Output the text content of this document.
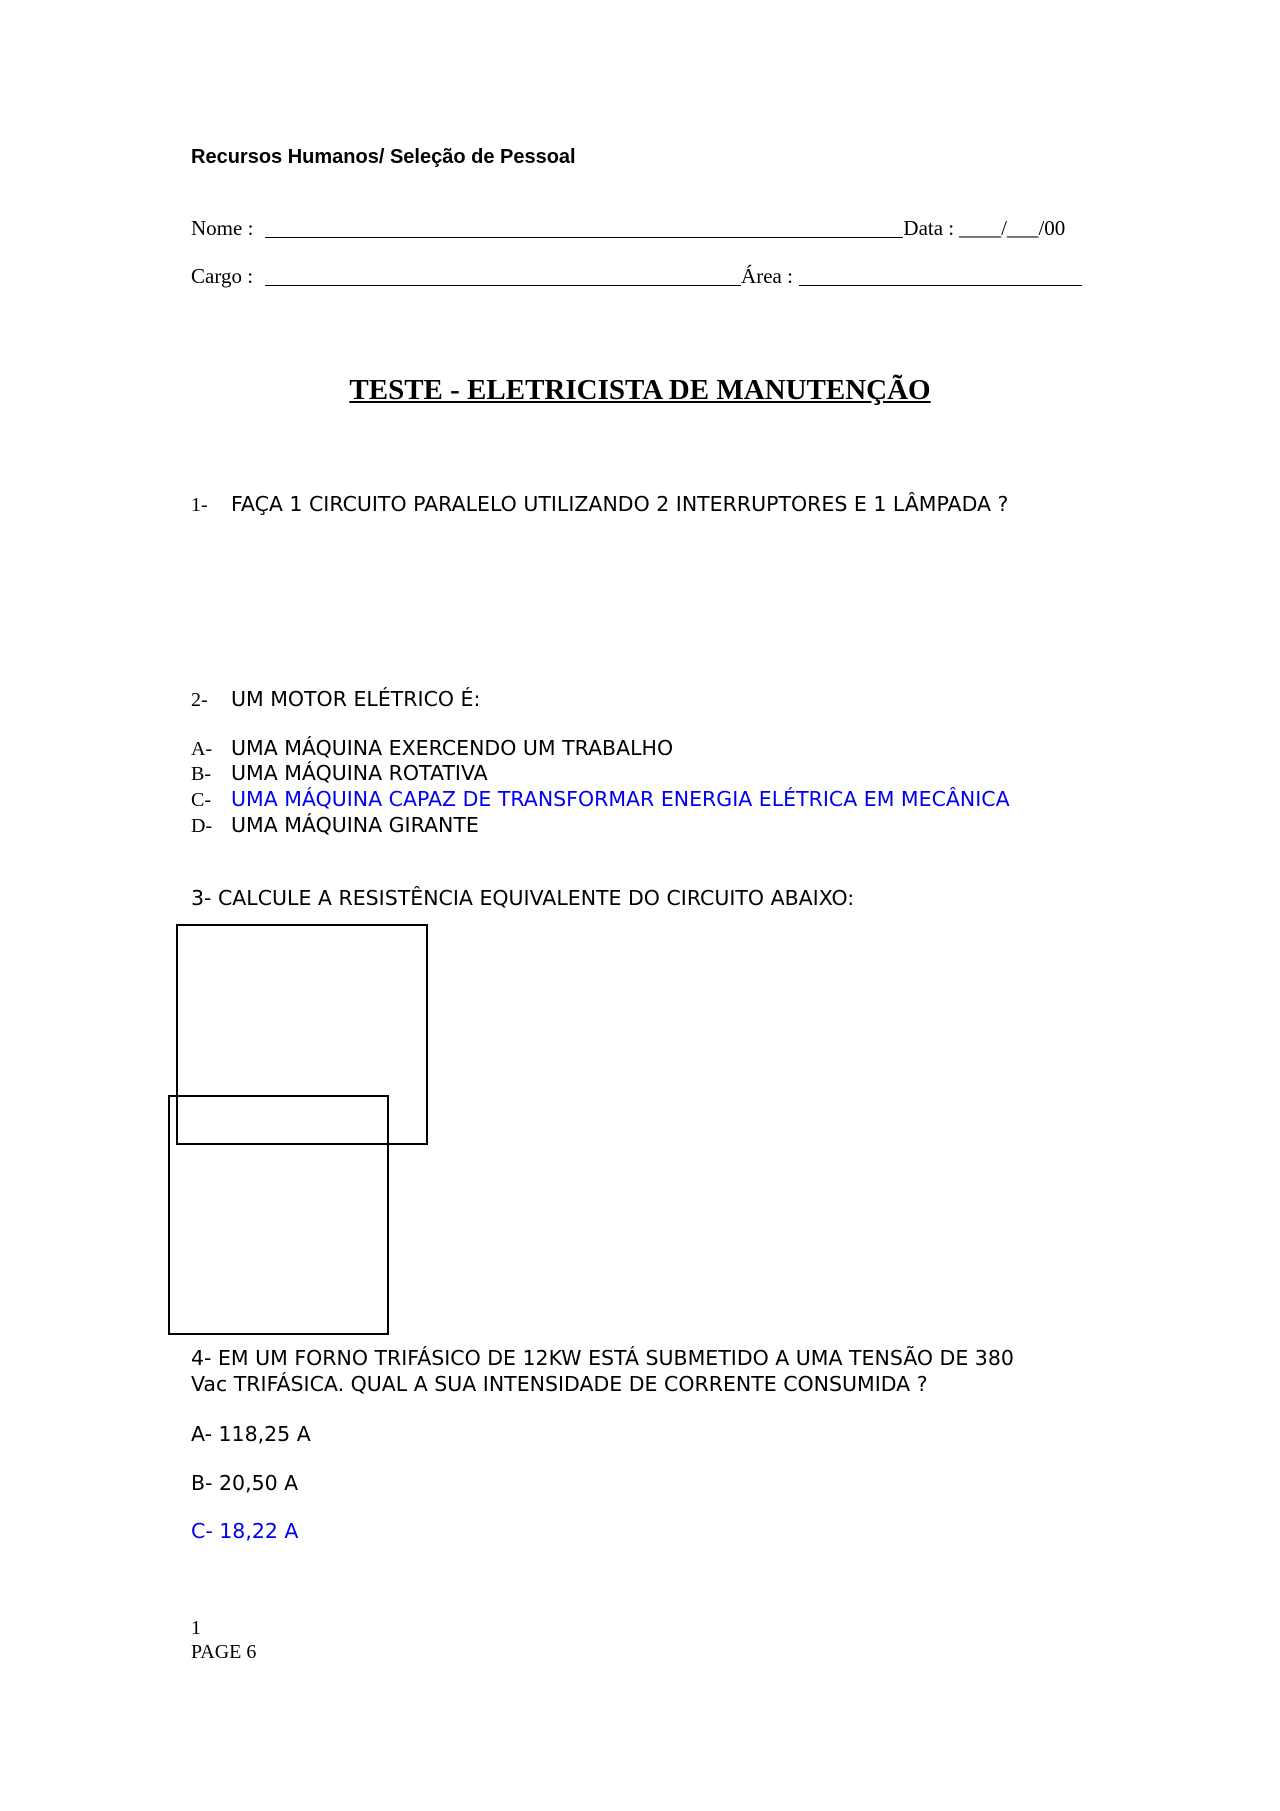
Recursos Humanos/ Seleção de Pessoal
Nome :	Data : ____/___/00
Cargo :	Área :
TESTE - ELETRICISTA DE MANUTENÇÃO
1- FAÇA 1 CIRCUITO PARALELO UTILIZANDO 2 INTERRUPTORES E 1 LÂMPADA ?
2- UM MOTOR ELÉTRICO É:
A- UMA MÁQUINA EXERCENDO UM TRABALHO
B- UMA MÁQUINA ROTATIVA
C- UMA MÁQUINA CAPAZ DE TRANSFORMAR ENERGIA ELÉTRICA EM MECÂNICA
D- UMA MÁQUINA GIRANTE
3- CALCULE A RESISTÊNCIA EQUIVALENTE DO CIRCUITO ABAIXO:
4- EM UM FORNO TRIFÁSICO DE 12KW ESTÁ SUBMETIDO A UMA TENSÃO DE 380
Vac TRIFÁSICA. QUAL A SUA INTENSIDADE DE CORRENTE CONSUMIDA ?
A- 118,25 A
B- 20,50 A
C- 18,22 A
1
PAGE 6
